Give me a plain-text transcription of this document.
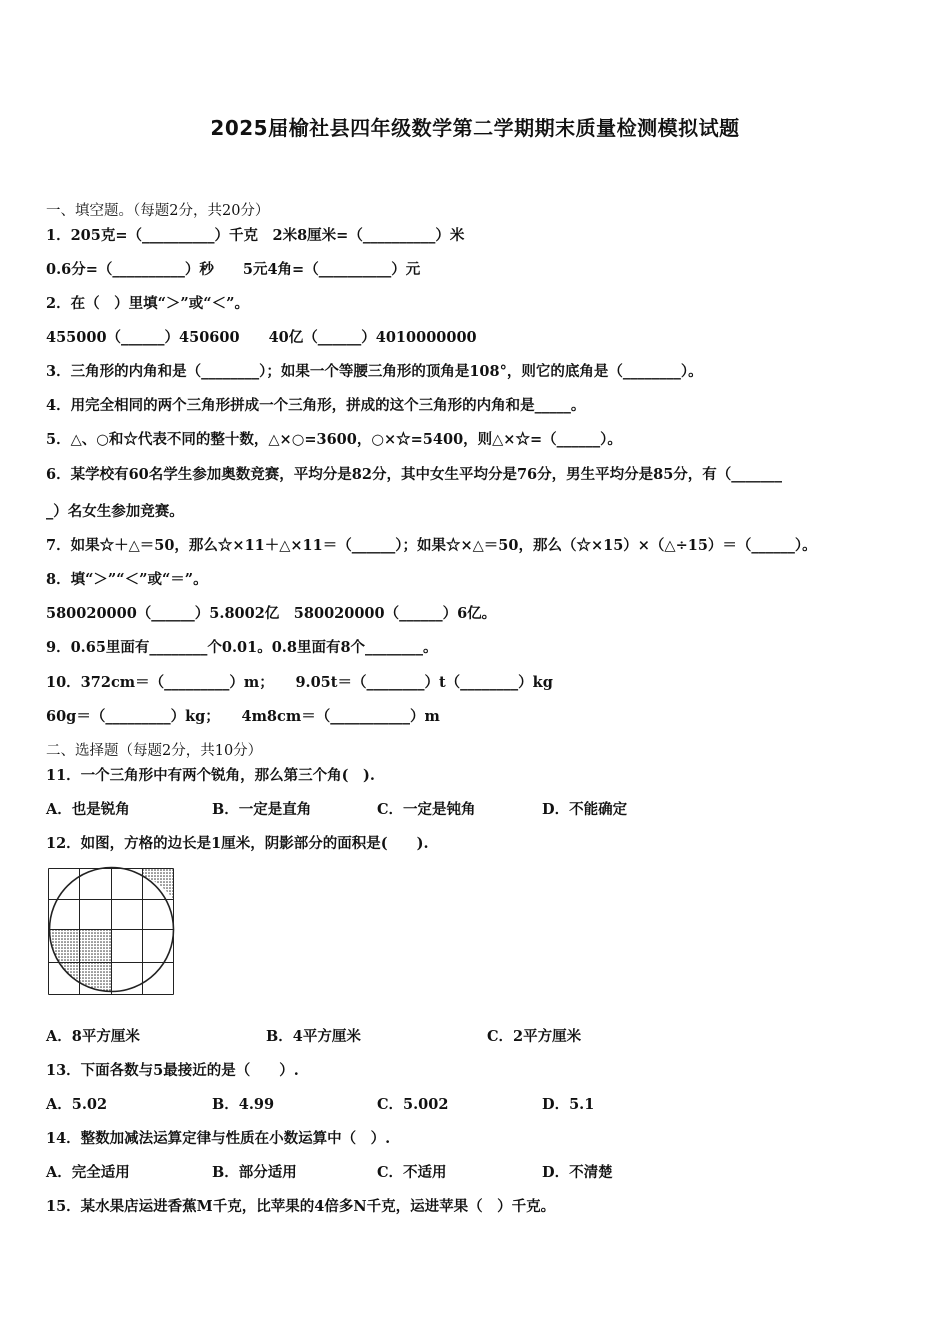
2025届榆社县四年级数学第二学期期末质量检测模拟试题
一、填空题。（每题2分，共20分）
1．205克=（__________）千克　2米8厘米=（__________）米
0.6分=（__________）秒　　5元4角=（__________）元
2．在（　）里填“＞”或“＜”。
455000（______）450600　　40亿（______）4010000000
3．三角形的内角和是（________）；如果一个等腰三角形的顶角是108°，则它的底角是（________）。
4．用完全相同的两个三角形拼成一个三角形，拼成的这个三角形的内角和是_____。
5．△、○和☆代表不同的整十数，△×○=3600，○×☆=5400，则△×☆=（______）。
6．某学校有60名学生参加奥数竞赛，平均分是82分，其中女生平均分是76分，男生平均分是85分，有（_______
_）名女生参加竞赛。
7．如果☆＋△＝50，那么☆×11＋△×11＝（______）；如果☆×△＝50，那么（☆×15）×（△÷15）＝（______）。
8．填“＞”“＜”或“＝”。
580020000（______）5.8002亿　580020000（______）6亿。
9．0.65里面有________个0.01。0.8里面有8个________。
10．372cm＝（_________）m；　　9.05t＝（________）t（________）kg
60g＝（_________）kg；　　4m8cm＝（___________）m
二、选择题（每题2分，共10分）
11．一个三角形中有两个锐角，那么第三个角(　).
A．也是锐角	B．一定是直角	C．一定是钝角	D．不能确定
12．如图，方格的边长是1厘米，阴影部分的面积是(　　).
A．8平方厘米	B．4平方厘米	C．2平方厘米
13．下面各数与5最接近的是（　　）.
A．5.02	B．4.99	C．5.002	D．5.1
14．整数加减法运算定律与性质在小数运算中（　）.
A．完全适用	B．部分适用	C．不适用	D．不清楚
15．某水果店运进香蕉M千克，比苹果的4倍多N千克，运进苹果（　）千克。
